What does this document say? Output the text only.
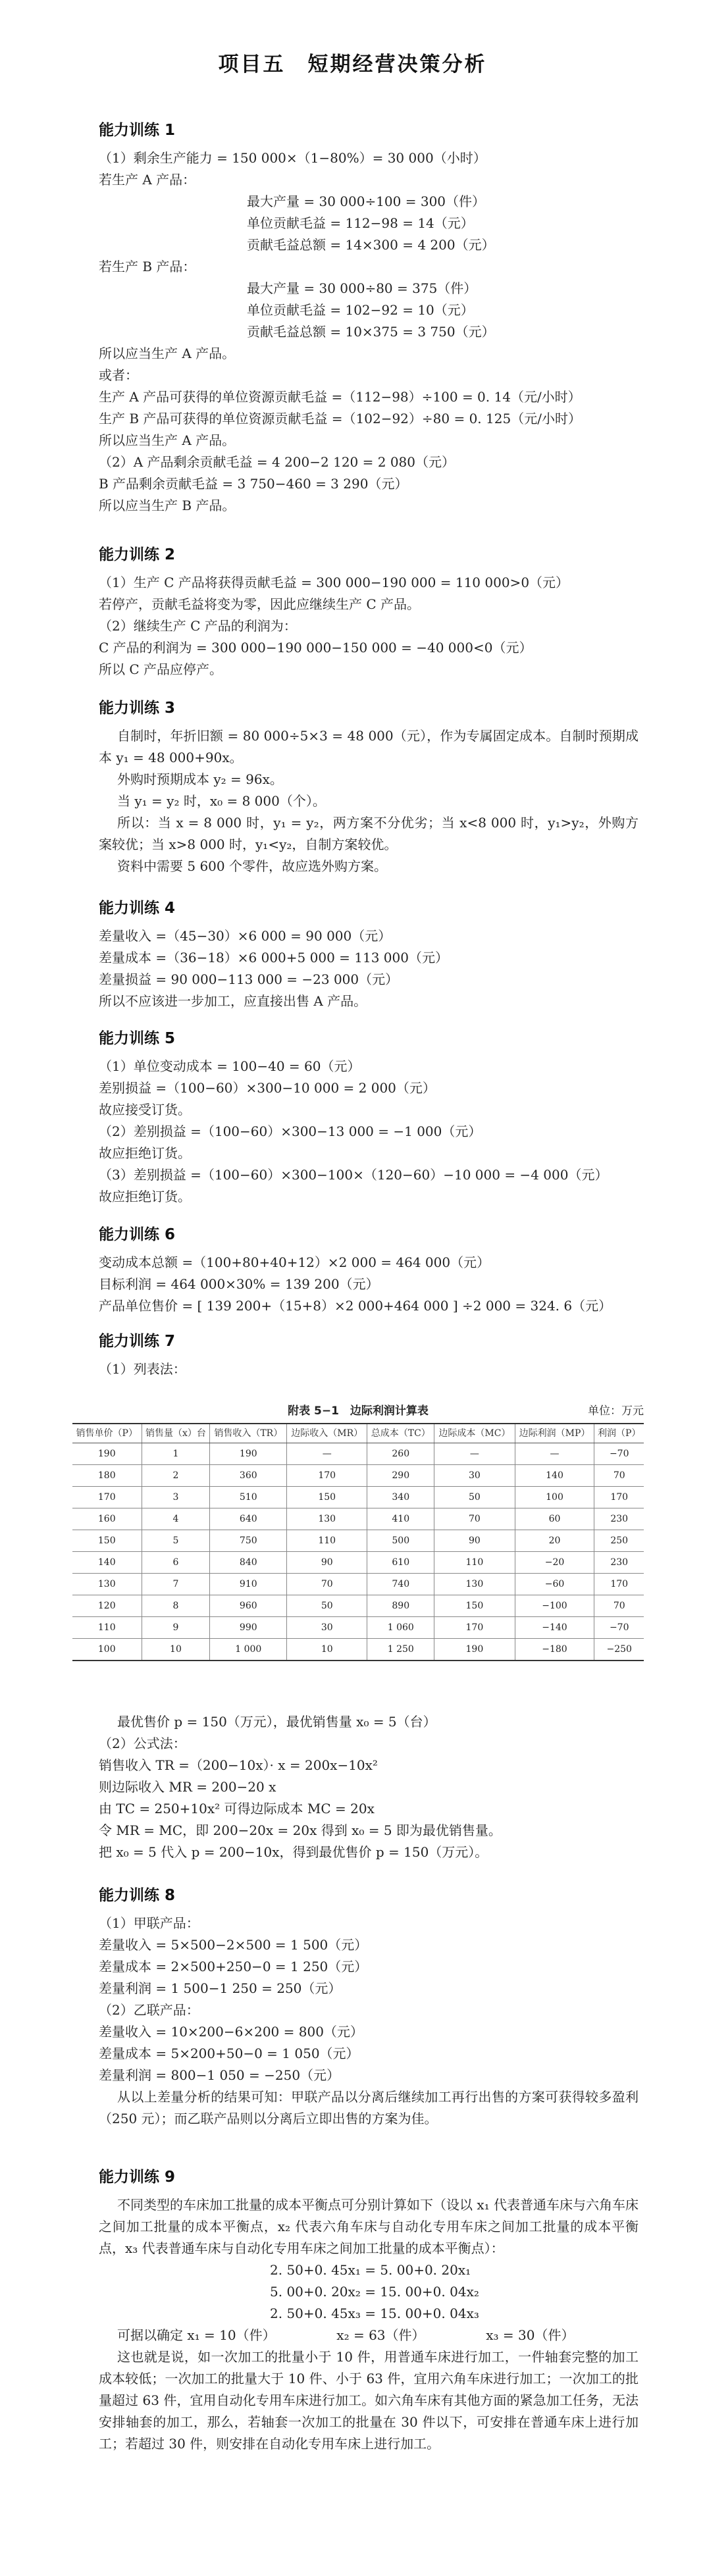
项目五　短期经营决策分析
能力训练 1
（1）剩余生产能力 = 150 000×（1−80%）= 30 000（小时）
若生产 A 产品：
最大产量 = 30 000÷100 = 300（件）
单位贡献毛益 = 112−98 = 14（元）
贡献毛益总额 = 14×300 = 4 200（元）
若生产 B 产品：
最大产量 = 30 000÷80 = 375（件）
单位贡献毛益 = 102−92 = 10（元）
贡献毛益总额 = 10×375 = 3 750（元）
所以应当生产 A 产品。
或者：
生产 A 产品可获得的单位资源贡献毛益 =（112−98）÷100 = 0. 14（元/小时）
生产 B 产品可获得的单位资源贡献毛益 =（102−92）÷80 = 0. 125（元/小时）
所以应当生产 A 产品。
（2）A 产品剩余贡献毛益 = 4 200−2 120 = 2 080（元）
B 产品剩余贡献毛益 = 3 750−460 = 3 290（元）
所以应当生产 B 产品。
能力训练 2
（1）生产 C 产品将获得贡献毛益 = 300 000−190 000 = 110 000>0（元）
若停产，贡献毛益将变为零，因此应继续生产 C 产品。
（2）继续生产 C 产品的利润为：
C 产品的利润为 = 300 000−190 000−150 000 = −40 000<0（元）
所以 C 产品应停产。
能力训练 3
自制时，年折旧额 = 80 000÷5×3 = 48 000（元），作为专属固定成本。自制时预期成本 y₁ = 48 000+90x。
外购时预期成本 y₂ = 96x。
当 y₁ = y₂ 时，x₀ = 8 000（个）。
所以：当 x = 8 000 时，y₁ = y₂，两方案不分优劣；当 x<8 000 时，y₁>y₂，外购方案较优；当 x>8 000 时，y₁<y₂，自制方案较优。
资料中需要 5 600 个零件，故应选外购方案。
能力训练 4
差量收入 =（45−30）×6 000 = 90 000（元）
差量成本 =（36−18）×6 000+5 000 = 113 000（元）
差量损益 = 90 000−113 000 = −23 000（元）
所以不应该进一步加工，应直接出售 A 产品。
能力训练 5
（1）单位变动成本 = 100−40 = 60（元）
差别损益 =（100−60）×300−10 000 = 2 000（元）
故应接受订货。
（2）差别损益 =（100−60）×300−13 000 = −1 000（元）
故应拒绝订货。
（3）差别损益 =（100−60）×300−100×（120−60）−10 000 = −4 000（元）
故应拒绝订货。
能力训练 6
变动成本总额 =（100+80+40+12）×2 000 = 464 000（元）
目标利润 = 464 000×30% = 139 200（元）
产品单位售价 = [ 139 200+（15+8）×2 000+464 000 ] ÷2 000 = 324. 6（元）
能力训练 7
（1）列表法：
附表 5−1　边际利润计算表	单位：万元
销售单价（P）	销售量（x）台	销售收入（TR）	边际收入（MR）	总成本（TC）	边际成本（MC）	边际利润（MP）	利润（P）
190	1	190	—	260	—	—	−70
180	2	360	170	290	30	140	70
170	3	510	150	340	50	100	170
160	4	640	130	410	70	60	230
150	5	750	110	500	90	20	250
140	6	840	90	610	110	−20	230
130	7	910	70	740	130	−60	170
120	8	960	50	890	150	−100	70
110	9	990	30	1 060	170	−140	−70
100	10	1 000	10	1 250	190	−180	−250
最优售价 p = 150（万元），最优销售量 x₀ = 5（台）
（2）公式法：
销售收入 TR =（200−10x）· x = 200x−10x²
则边际收入 MR = 200−20 x
由 TC = 250+10x² 可得边际成本 MC = 20x
令 MR = MC，即 200−20x = 20x 得到 x₀ = 5 即为最优销售量。
把 x₀ = 5 代入 p = 200−10x，得到最优售价 p = 150（万元）。
能力训练 8
（1）甲联产品：
差量收入 = 5×500−2×500 = 1 500（元）
差量成本 = 2×500+250−0 = 1 250（元）
差量利润 = 1 500−1 250 = 250（元）
（2）乙联产品：
差量收入 = 10×200−6×200 = 800（元）
差量成本 = 5×200+50−0 = 1 050（元）
差量利润 = 800−1 050 = −250（元）
从以上差量分析的结果可知：甲联产品以分离后继续加工再行出售的方案可获得较多盈利（250 元）；而乙联产品则以分离后立即出售的方案为佳。
能力训练 9
不同类型的车床加工批量的成本平衡点可分别计算如下（设以 x₁ 代表普通车床与六角车床之间加工批量的成本平衡点，x₂ 代表六角车床与自动化专用车床之间加工批量的成本平衡点，x₃ 代表普通车床与自动化专用车床之间加工批量的成本平衡点）：
2. 50+0. 45x₁ = 5. 00+0. 20x₁
5. 00+0. 20x₂ = 15. 00+0. 04x₂
2. 50+0. 45x₃ = 15. 00+0. 04x₃
可据以确定 x₁ = 10（件）	x₂ = 63（件）	x₃ = 30（件）
这也就是说，如一次加工的批量小于 10 件，用普通车床进行加工，一件轴套完整的加工成本较低；一次加工的批量大于 10 件、小于 63 件，宜用六角车床进行加工；一次加工的批量超过 63 件，宜用自动化专用车床进行加工。如六角车床有其他方面的紧急加工任务，无法安排轴套的加工，那么，若轴套一次加工的批量在 30 件以下，可安排在普通车床上进行加工；若超过 30 件，则安排在自动化专用车床上进行加工。
